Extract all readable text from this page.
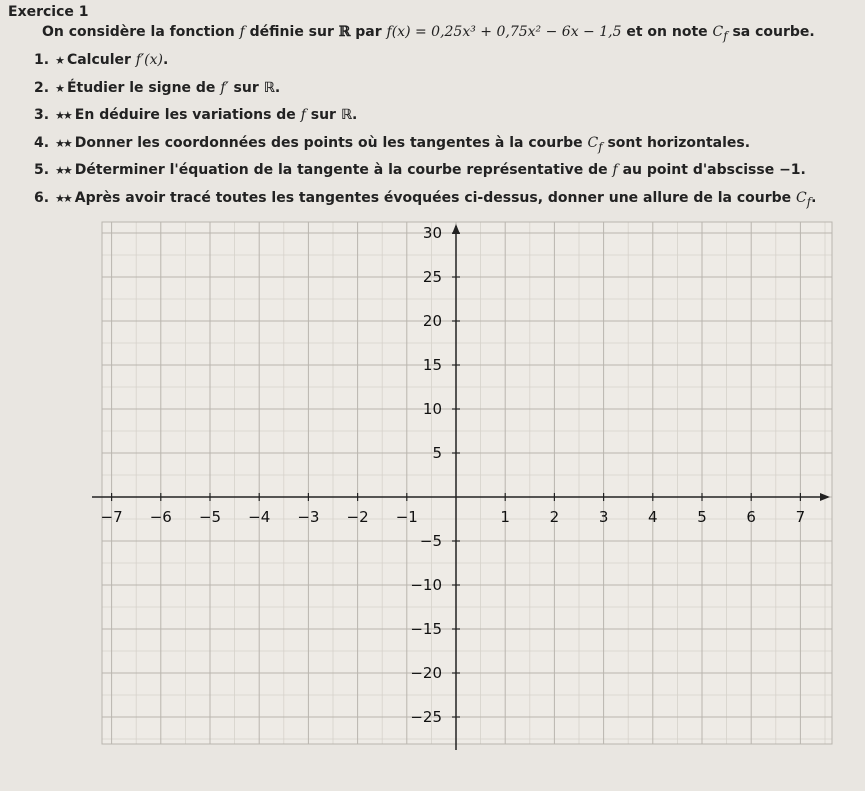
Exercice 1
On considère la fonction f définie sur ℝ par f(x) = 0,25x³ + 0,75x² − 6x − 1,5 et on note $C_f$ sa courbe.
1. ★ Calculer f′(x).
2. ★ Étudier le signe de f′ sur ℝ.
3. ★★ En déduire les variations de f sur ℝ.
4. ★★ Donner les coordonnées des points où les tangentes à la courbe $C_f$ sont horizontales.
5. ★★ Déterminer l'équation de la tangente à la courbe représentative de f au point d'abscisse −1.
6. ★★ Après avoir tracé toutes les tangentes évoquées ci-dessus, donner une allure de la courbe $C_f$.
−7 −6 −5 −4 −3 −2 −1	1	2	3	4	5	6	7
30
25
20
15
10
5
−5
−10
−15
−20
−25
